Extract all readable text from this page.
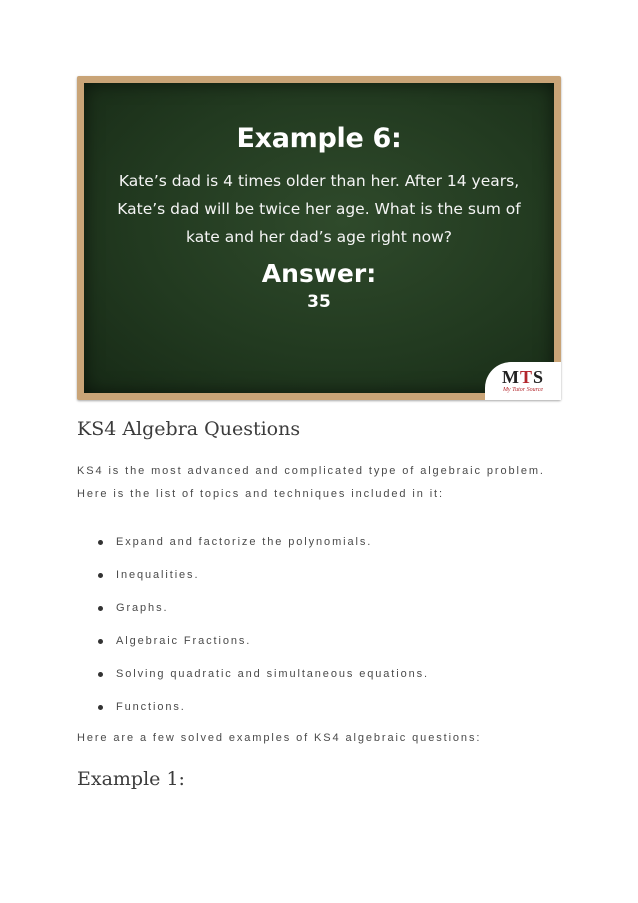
Example 6:
Kate’s dad is 4 times older than her. After 14 years,
Kate’s dad will be twice her age. What is the sum of
kate and her dad’s age right now?
Answer:
35
MTS
My Tutor Source
KS4 Algebra Questions
KS4 is the most advanced and complicated type of algebraic problem.
Here is the list of topics and techniques included in it:
Expand and factorize the polynomials.
Inequalities.
Graphs.
Algebraic Fractions.
Solving quadratic and simultaneous equations.
Functions.

Here are a few solved examples of KS4 algebraic questions:

Example 1:
